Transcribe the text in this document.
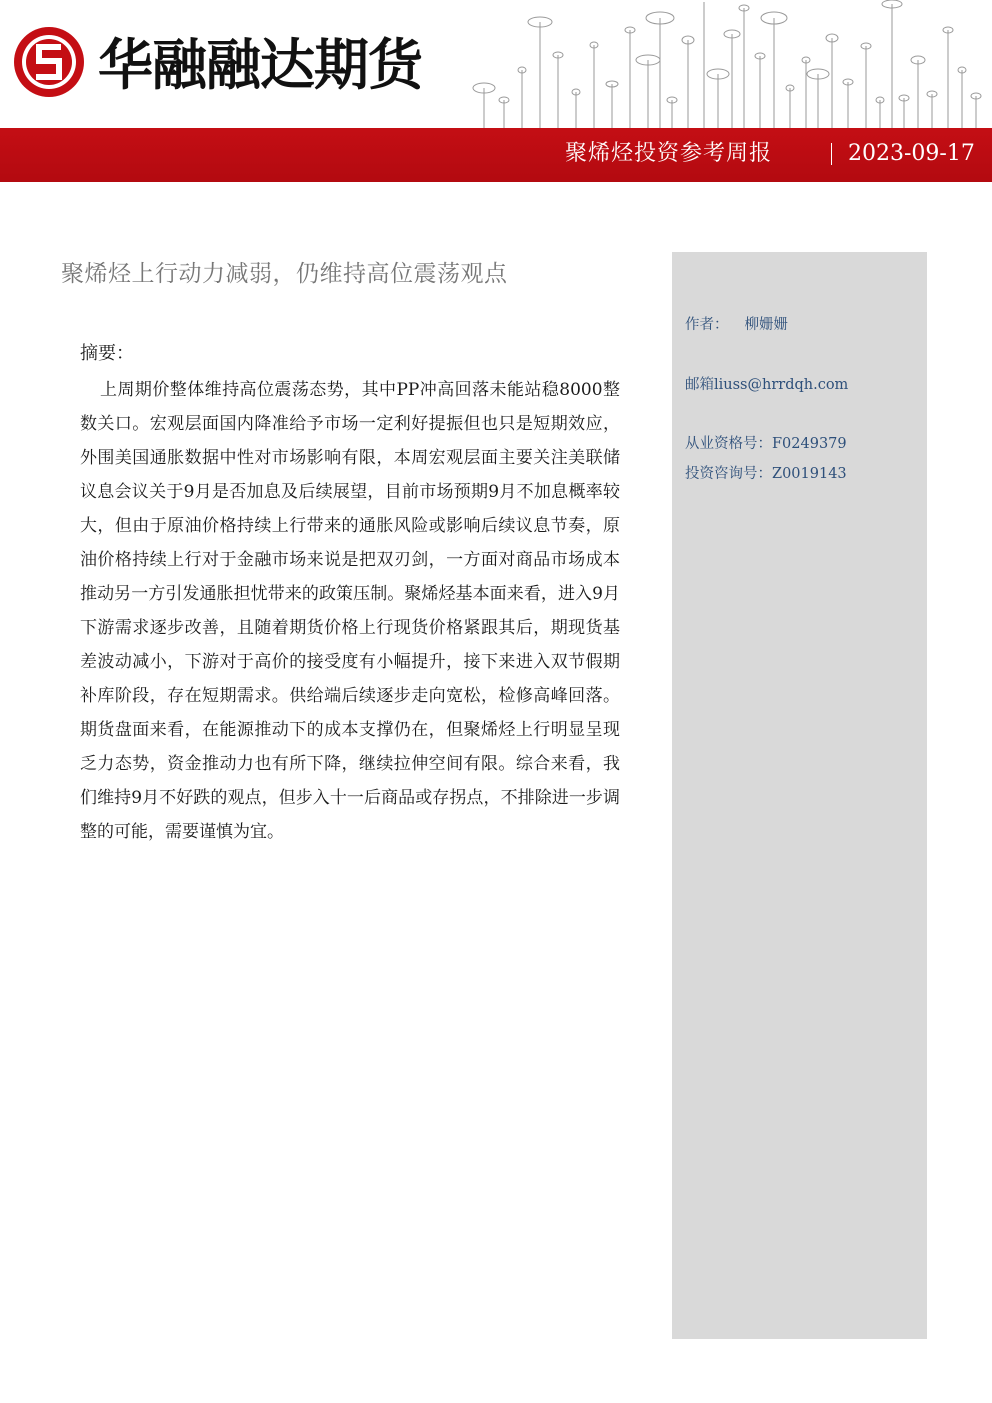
华融融达期货
聚烯烃投资参考周报	2023-09-17
聚烯烃上行动力减弱，仍维持高位震荡观点
摘要：
上周期价整体维持高位震荡态势，其中PP冲高回落未能站稳8000整数关口。宏观层面国内降准给予市场一定利好提振但也只是短期效应，外围美国通胀数据中性对市场影响有限，本周宏观层面主要关注美联储议息会议关于9月是否加息及后续展望，目前市场预期9月不加息概率较大，但由于原油价格持续上行带来的通胀风险或影响后续议息节奏，原油价格持续上行对于金融市场来说是把双刃剑，一方面对商品市场成本推动另一方引发通胀担忧带来的政策压制。聚烯烃基本面来看，进入9月下游需求逐步改善，且随着期货价格上行现货价格紧跟其后，期现货基差波动减小，下游对于高价的接受度有小幅提升，接下来进入双节假期补库阶段，存在短期需求。供给端后续逐步走向宽松，检修高峰回落。期货盘面来看，在能源推动下的成本支撑仍在，但聚烯烃上行明显呈现乏力态势，资金推动力也有所下降，继续拉伸空间有限。综合来看，我们维持9月不好跌的观点，但步入十一后商品或存拐点，不排除进一步调整的可能，需要谨慎为宜。
作者： 柳姗姗
邮箱liuss@hrrdqh.com
从业资格号：F0249379
投资咨询号：Z0019143
